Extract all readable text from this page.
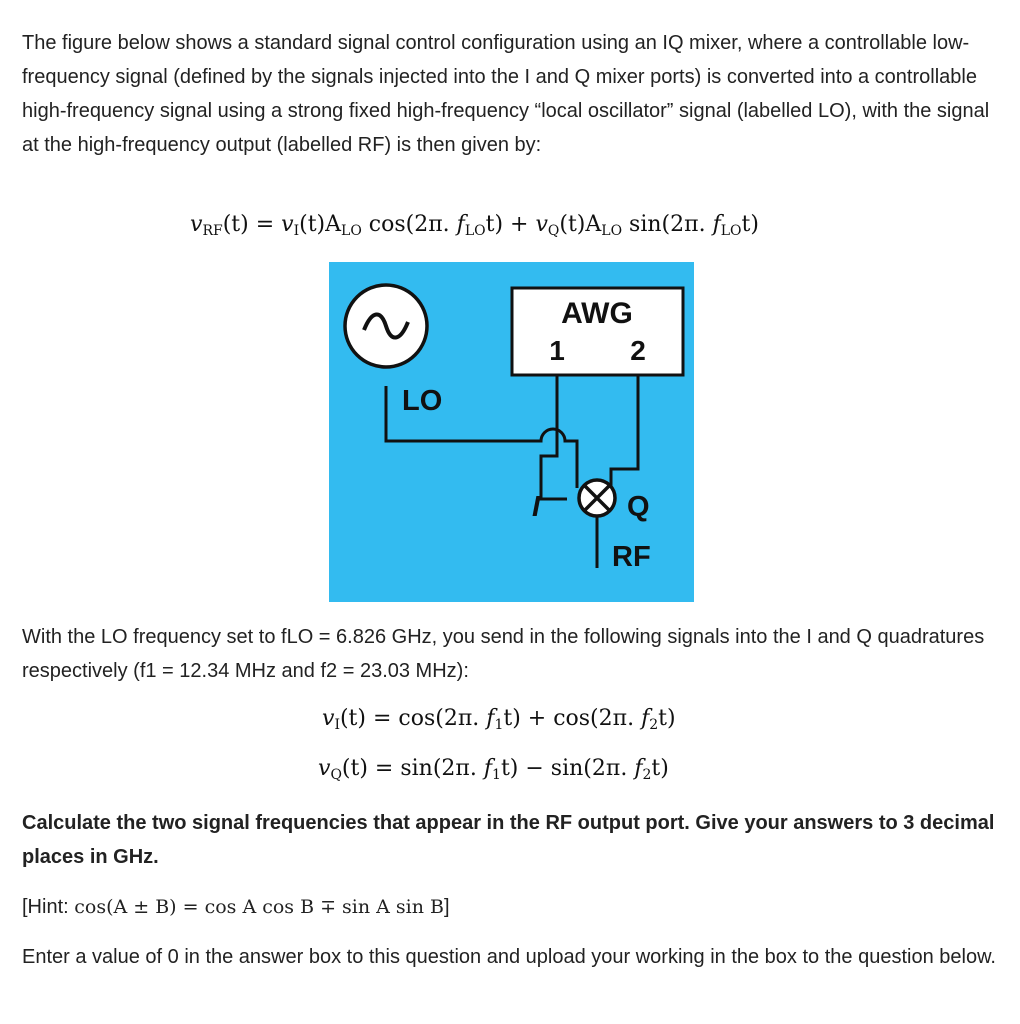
The figure below shows a standard signal control configuration using an IQ mixer, where a controllable low-frequency signal (defined by the signals injected into the I and Q mixer ports) is converted into a controllable high-frequency signal using a strong fixed high-frequency “local oscillator” signal (labelled LO), with the signal at the high-frequency output (labelled RF) is then given by:

$v_{RF}(t) = v_I(t)A_{LO}$ cos(2π. $f_{LO}t) + v_Q(t)A_{LO}$ sin(2π. $f_{LO}t$)
LO
AWG
1 2
I	Q
RF

With the LO frequency set to fLO = 6.826 GHz, you send in the following signals into the I and Q quadratures respectively (f1 = 12.34 MHz and f2 = 23.03 MHz):

$v_I(t) = \cos(2\pi$. $f_1t) + \cos(2\pi$. $f_2t$)
$v_Q(t) = \sin(2\pi$. $f_1t) - \sin(2\pi$. $f_2t$)

Calculate the two signal frequencies that appear in the RF output port. Give your answers to 3 decimal places in GHz.

[Hint: cos(A ± B) = cos A cos B ∓ sin A sin B]

Enter a value of 0 in the answer box to this question and upload your working in the box to the question below.
